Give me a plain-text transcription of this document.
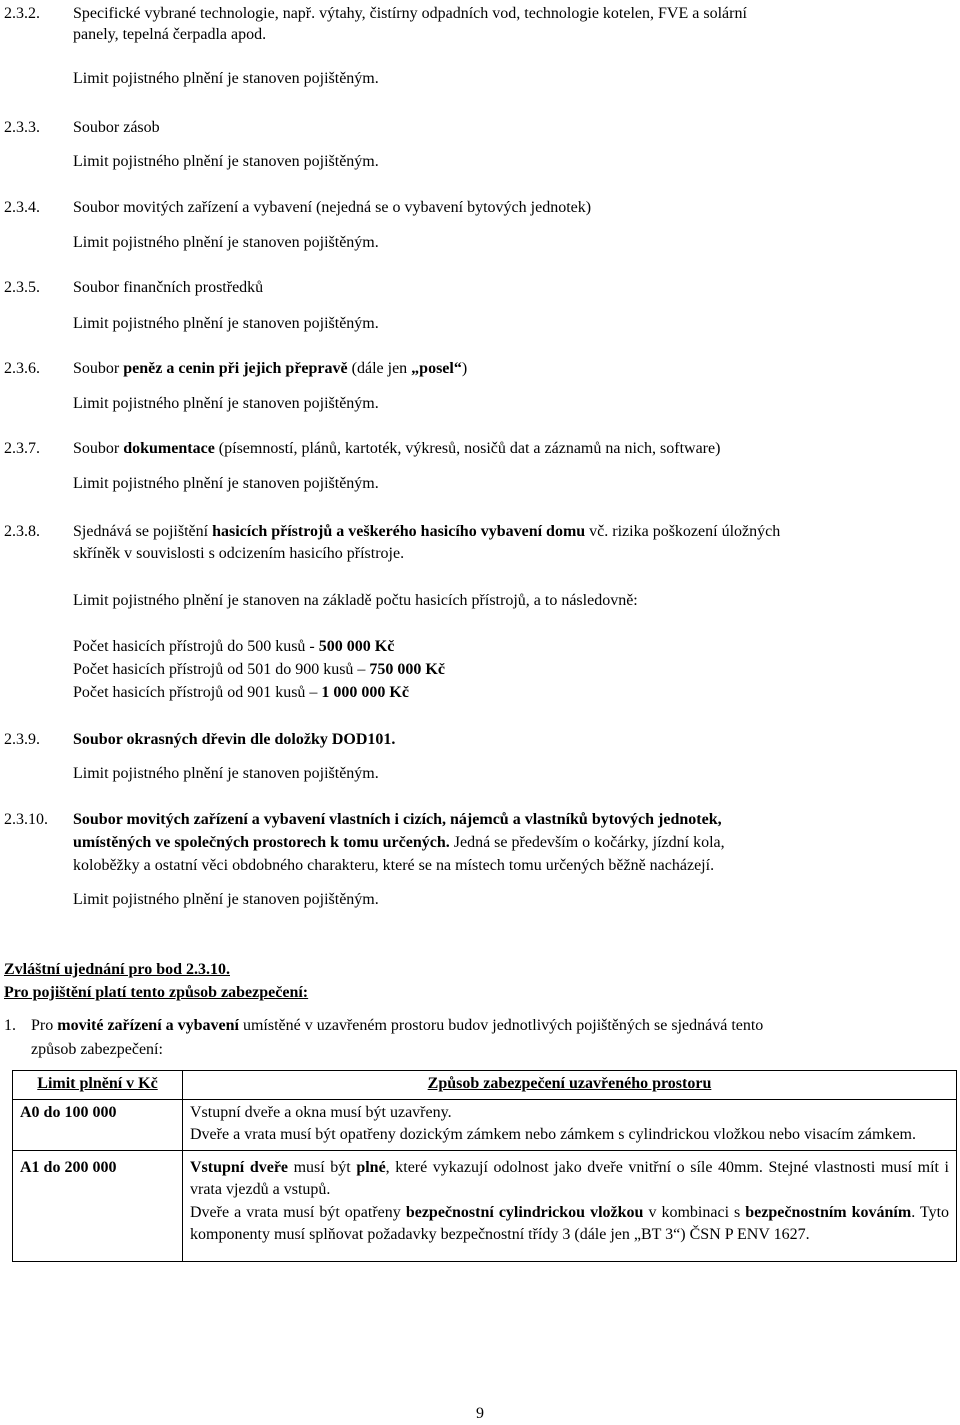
2.3.2. Specifické vybrané technologie, např. výtahy, čistírny odpadních vod, technologie kotelen, FVE a solární
panely, tepelná čerpadla apod.
Limit pojistného plnění je stanoven pojištěným.
2.3.3. Soubor zásob
Limit pojistného plnění je stanoven pojištěným.
2.3.4. Soubor movitých zařízení a vybavení (nejedná se o vybavení bytových jednotek)
Limit pojistného plnění je stanoven pojištěným.
2.3.5. Soubor finančních prostředků
Limit pojistného plnění je stanoven pojištěným.
2.3.6. Soubor peněz a cenin při jejich přepravě (dále jen „posel“)
Limit pojistného plnění je stanoven pojištěným.
2.3.7. Soubor dokumentace (písemností, plánů, kartoték, výkresů, nosičů dat a záznamů na nich, software)
Limit pojistného plnění je stanoven pojištěným.
2.3.8. Sjednává se pojištění hasicích přístrojů a veškerého hasicího vybavení domu vč. rizika poškození úložných
skříněk v souvislosti s odcizením hasicího přístroje.
Limit pojistného plnění je stanoven na základě počtu hasicích přístrojů, a to následovně:
Počet hasicích přístrojů do 500 kusů - 500 000 Kč
Počet hasicích přístrojů od 501 do 900 kusů – 750 000 Kč
Počet hasicích přístrojů od 901 kusů – 1 000 000 Kč
2.3.9. Soubor okrasných dřevin dle doložky DOD101.
Limit pojistného plnění je stanoven pojištěným.
2.3.10. Soubor movitých zařízení a vybavení vlastních i cizích, nájemců a vlastníků bytových jednotek,
umístěných ve společných prostorech k tomu určených. Jedná se především o kočárky, jízdní kola,
koloběžky a ostatní věci obdobného charakteru, které se na místech tomu určených běžně nacházejí.
Limit pojistného plnění je stanoven pojištěným.
Zvláštní ujednání pro bod 2.3.10.
Pro pojištění platí tento způsob zabezpečení:
1. Pro movité zařízení a vybavení umístěné v uzavřeném prostoru budov jednotlivých pojištěných se sjednává tento
způsob zabezpečení:
Limit plnění v Kč	Způsob zabezpečení uzavřeného prostoru
A0 do 100 000	Vstupní dveře a okna musí být uzavřeny.
Dveře a vrata musí být opatřeny dozickým zámkem nebo zámkem s cylindrickou vložkou nebo visacím zámkem.

A1 do 200 000	Vstupní dveře musí být plné, které vykazují odolnost jako dveře vnitřní o síle 40mm. Stejné vlastnosti musí mít i vrata vjezdů a vstupů.
Dveře a vrata musí být opatřeny bezpečnostní cylindrickou vložkou v kombinaci s bezpečnostním kováním. Tyto komponenty musí splňovat požadavky bezpečnostní třídy 3 (dále jen „BT 3“) ČSN P ENV 1627.
9
